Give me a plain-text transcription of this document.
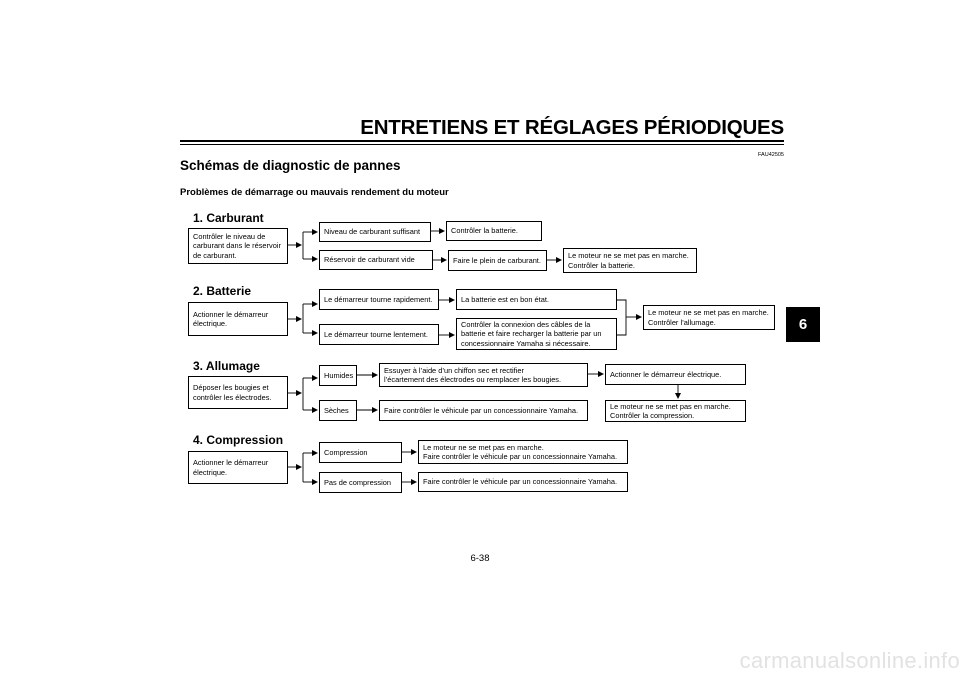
ENTRETIENS ET RÉGLAGES PÉRIODIQUES
FAU42505
Schémas de diagnostic de pannes
Problèmes de démarrage ou mauvais rendement du moteur
1. Carburant
Contrôler le niveau de
carburant dans le réservoir
de carburant.
Niveau de carburant suffisant	Contrôler la batterie.
Réservoir de carburant vide	Faire le plein de carburant.
Le moteur ne se met pas en marche.
Contrôler la batterie.
2. Batterie
Actionner le démarreur
électrique.
Le démarreur tourne rapidement.	La batterie est en bon état.
Le démarreur tourne lentement.
Contrôler la connexion des câbles de la
batterie et faire recharger la batterie par un
concessionnaire Yamaha si nécessaire.
Le moteur ne se met pas en marche.
Contrôler l’allumage.
3. Allumage
Déposer les bougies et
contrôler les électrodes.
Humides
Essuyer à l’aide d’un chiffon sec et rectifier
l’écartement des électrodes ou remplacer les bougies.
Actionner le démarreur électrique.
Sèches	Faire contrôler le véhicule par un concessionnaire Yamaha.	Le moteur ne se met pas en marche.
Contrôler la compression.
4. Compression
Actionner le démarreur
électrique.
Compression
Le moteur ne se met pas en marche.
Faire contrôler le véhicule par un concessionnaire Yamaha.
Pas de compression	Faire contrôler le véhicule par un concessionnaire Yamaha.
6
6-38
carmanualsonline.info
